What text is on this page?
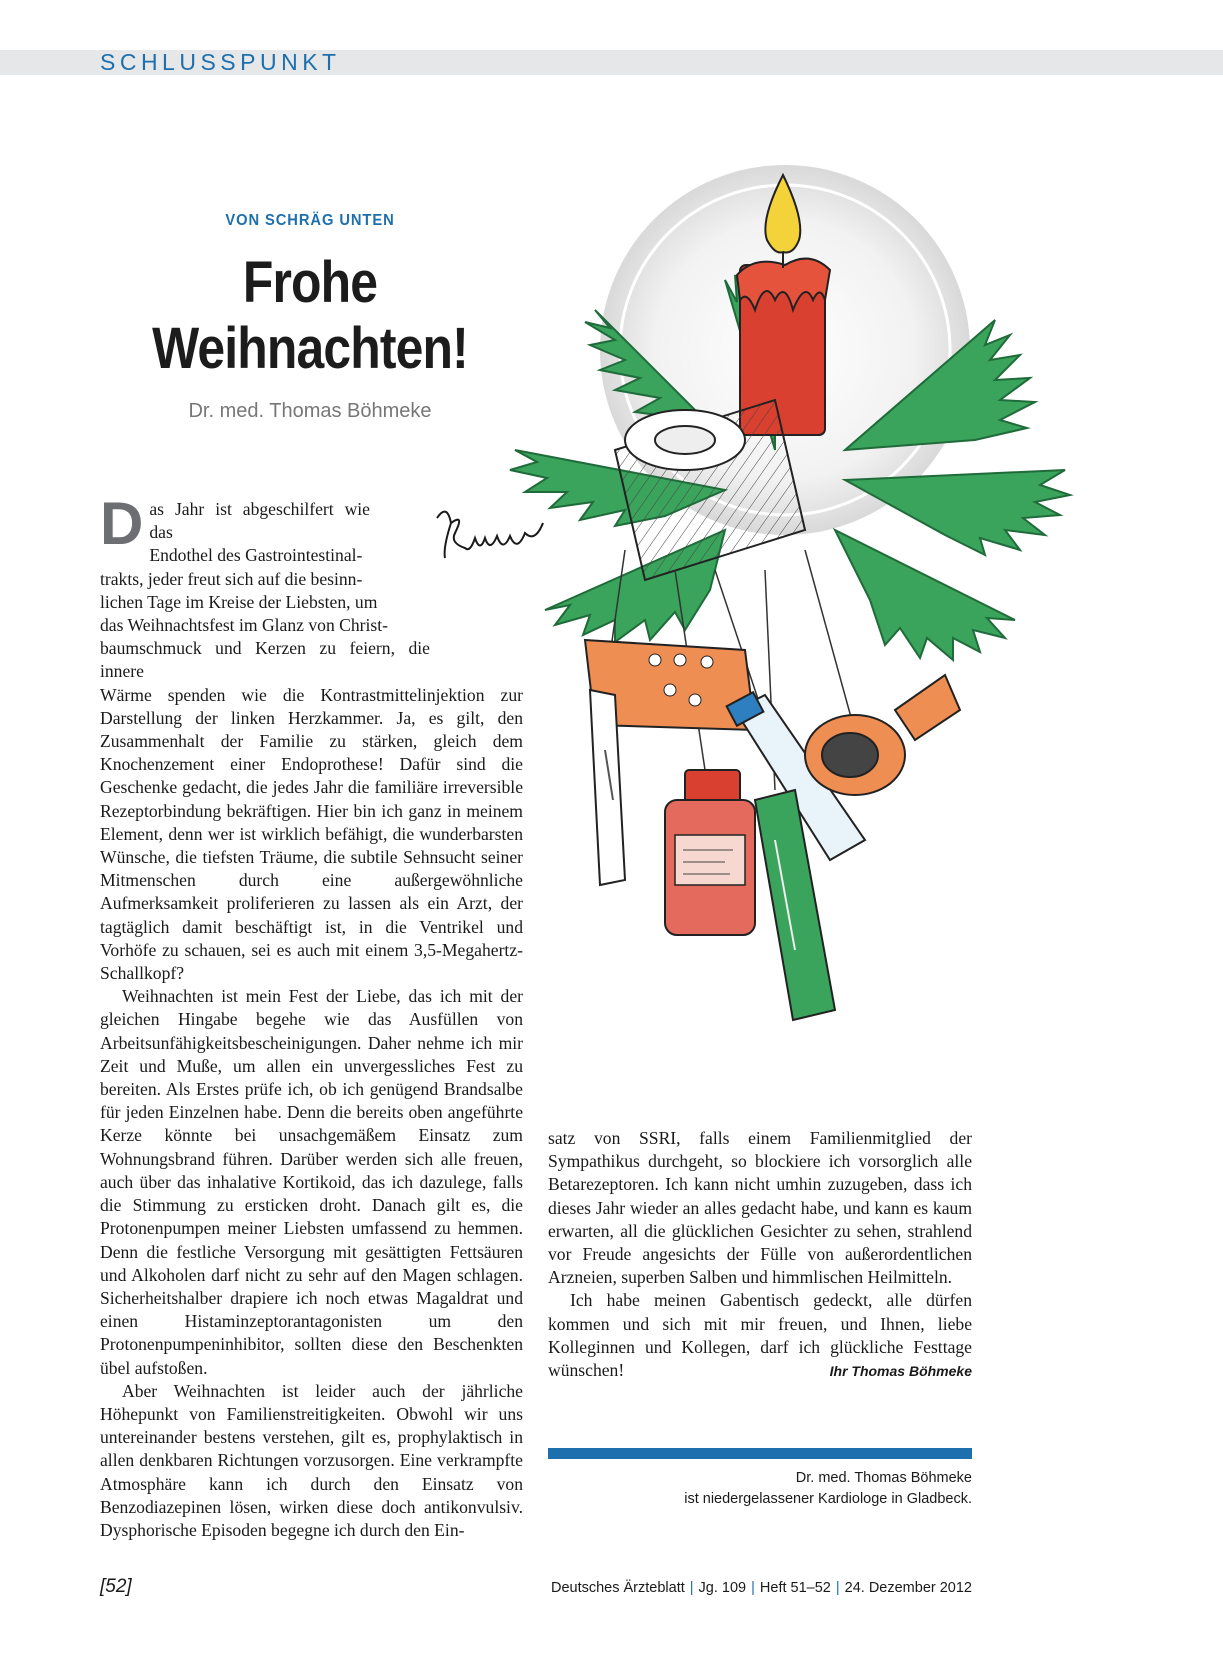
SCHLUSSPUNKT
VON SCHRÄG UNTEN
Frohe
Weihnachten!
Dr. med. Thomas Böhmeke

D as Jahr ist abgeschilfert wie das
Endothel des Gastrointestinal-
trakts, jeder freut sich auf die besinn-
lichen Tage im Kreise der Liebsten, um
das Weihnachtsfest im Glanz von Christ-
baumschmuck und Kerzen zu feiern, die innere
Wärme spenden wie die Kontrastmittelinjektion zur Darstellung der linken Herzkammer. Ja, es gilt, den Zusammenhalt der Familie zu stärken, gleich dem Knochenzement einer Endoprothese! Dafür sind die Geschenke gedacht, die jedes Jahr die familiäre irreversible Rezeptorbindung bekräftigen. Hier bin ich ganz in meinem Element, denn wer ist wirklich befähigt, die wunderbarsten Wünsche, die tiefsten Träume, die subtile Sehnsucht seiner Mitmenschen durch eine außergewöhnliche Aufmerksamkeit proliferieren zu lassen als ein Arzt, der tagtäglich damit beschäftigt ist, in die Ventrikel und Vorhöfe zu schauen, sei es auch mit einem 3,5-Megahertz-Schallkopf?

Weihnachten ist mein Fest der Liebe, das ich mit der gleichen Hingabe begehe wie das Ausfüllen von Arbeitsunfähigkeitsbescheinigungen. Daher nehme ich mir Zeit und Muße, um allen ein unvergessliches Fest zu bereiten. Als Erstes prüfe ich, ob ich genügend Brandsalbe für jeden Einzelnen habe. Denn die bereits oben angeführte Kerze könnte bei unsachgemäßem Einsatz zum Wohnungsbrand führen. Darüber werden sich alle freuen, auch über das inhalative Kortikoid, das ich dazulege, falls die Stimmung zu ersticken droht. Danach gilt es, die Protonenpumpen meiner Liebsten umfassend zu hemmen. Denn die festliche Versorgung mit gesättigten Fettsäuren und Alkoholen darf nicht zu sehr auf den Magen schlagen. Sicherheitshalber drapiere ich noch etwas Magaldrat und einen Histaminzeptorantagonisten um den Protonenpumpeninhibitor, sollten diese den Beschenkten übel aufstoßen.

Aber Weihnachten ist leider auch der jährliche Höhepunkt von Familienstreitigkeiten. Obwohl wir uns untereinander bestens verstehen, gilt es, prophylaktisch in allen denkbaren Richtungen vorzusorgen. Eine verkrampfte Atmosphäre kann ich durch den Einsatz von Benzodiazepinen lösen, wirken diese doch antikonvulsiv. Dysphorische Episoden begegne ich durch den Ein-

satz von SSRI, falls einem Familienmitglied der Sympathikus durchgeht, so blockiere ich vorsorglich alle Betarezeptoren. Ich kann nicht umhin zuzugeben, dass ich dieses Jahr wieder an alles gedacht habe, und kann es kaum erwarten, all die glücklichen Gesichter zu sehen, strahlend vor Freude angesichts der Fülle von außerordentlichen Arzneien, superben Salben und himmlischen Heilmitteln.

Ich habe meinen Gabentisch gedeckt, alle dürfen kommen und sich mit mir freuen, und Ihnen, liebe Kolleginnen und Kollegen, darf ich glückliche Festtage wünschen!	Ihr Thomas Böhmeke
Dr. med. Thomas Böhmeke
ist niedergelassener Kardiologe in Gladbeck.
[52]	Deutsches Ärzteblatt | Jg. 109 | Heft 51–52 | 24. Dezember 2012
